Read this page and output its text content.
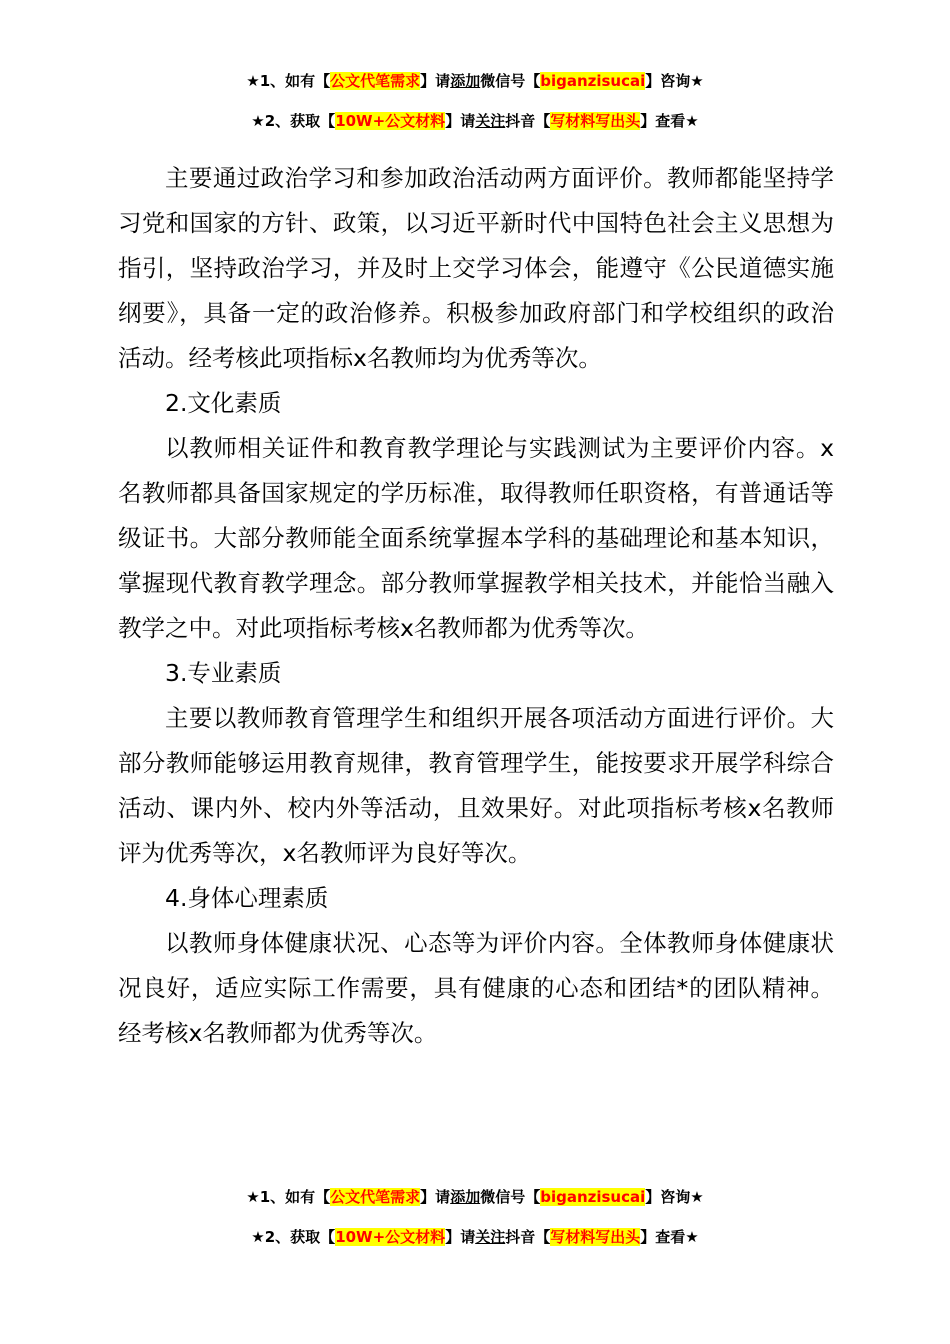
★1、如有【公文代笔需求】请添加微信号【biganzisucai】咨询★
★2、获取【10W+公文材料】请关注抖音【写材料写出头】查看★

主要通过政治学习和参加政治活动两方面评价。教师都能坚持学习党和国家的方针、政策，以习近平新时代中国特色社会主义思想为指引，坚持政治学习，并及时上交学习体会，能遵守《公民道德实施纲要》，具备一定的政治修养。积极参加政府部门和学校组织的政治活动。经考核此项指标x名教师均为优秀等次。

2.文化素质

以教师相关证件和教育教学理论与实践测试为主要评价内容。x名教师都具备国家规定的学历标准，取得教师任职资格，有普通话等级证书。大部分教师能全面系统掌握本学科的基础理论和基本知识，掌握现代教育教学理念。部分教师掌握教学相关技术，并能恰当融入教学之中。对此项指标考核x名教师都为优秀等次。

3.专业素质

主要以教师教育管理学生和组织开展各项活动方面进行评价。大部分教师能够运用教育规律，教育管理学生，能按要求开展学科综合活动、课内外、校内外等活动，且效果好。对此项指标考核x名教师评为优秀等次，x名教师评为良好等次。

4.身体心理素质

以教师身体健康状况、心态等为评价内容。全体教师身体健康状况良好，适应实际工作需要，具有健康的心态和团结*的团队精神。经考核x名教师都为优秀等次。

★1、如有【公文代笔需求】请添加微信号【biganzisucai】咨询★
★2、获取【10W+公文材料】请关注抖音【写材料写出头】查看★
